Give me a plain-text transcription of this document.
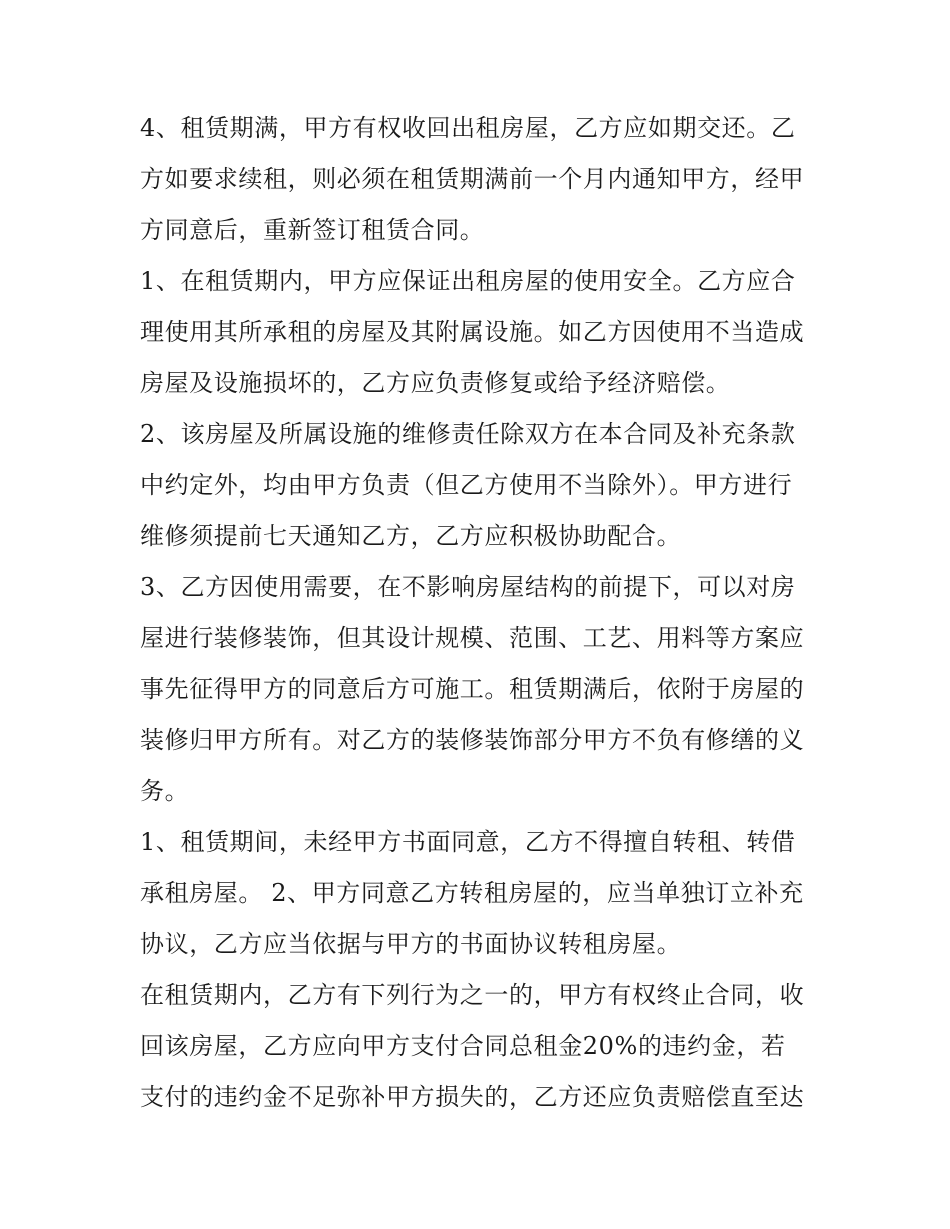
4、租赁期满，甲方有权收回出租房屋，乙方应如期交还。乙
方如要求续租，则必须在租赁期满前一个月内通知甲方，经甲
方同意后，重新签订租赁合同。
1、在租赁期内，甲方应保证出租房屋的使用安全。乙方应合
理使用其所承租的房屋及其附属设施。如乙方因使用不当造成
房屋及设施损坏的，乙方应负责修复或给予经济赔偿。
2、该房屋及所属设施的维修责任除双方在本合同及补充条款
中约定外，均由甲方负责（但乙方使用不当除外）。甲方进行
维修须提前七天通知乙方，乙方应积极协助配合。
3、乙方因使用需要，在不影响房屋结构的前提下，可以对房
屋进行装修装饰，但其设计规模、范围、工艺、用料等方案应
事先征得甲方的同意后方可施工。租赁期满后，依附于房屋的
装修归甲方所有。对乙方的装修装饰部分甲方不负有修缮的义
务。
1、租赁期间，未经甲方书面同意，乙方不得擅自转租、转借
承租房屋。 2、甲方同意乙方转租房屋的，应当单独订立补充
协议，乙方应当依据与甲方的书面协议转租房屋。
在租赁期内，乙方有下列行为之一的，甲方有权终止合同，收
回该房屋，乙方应向甲方支付合同总租金20%的违约金，若
支付的违约金不足弥补甲方损失的，乙方还应负责赔偿直至达
